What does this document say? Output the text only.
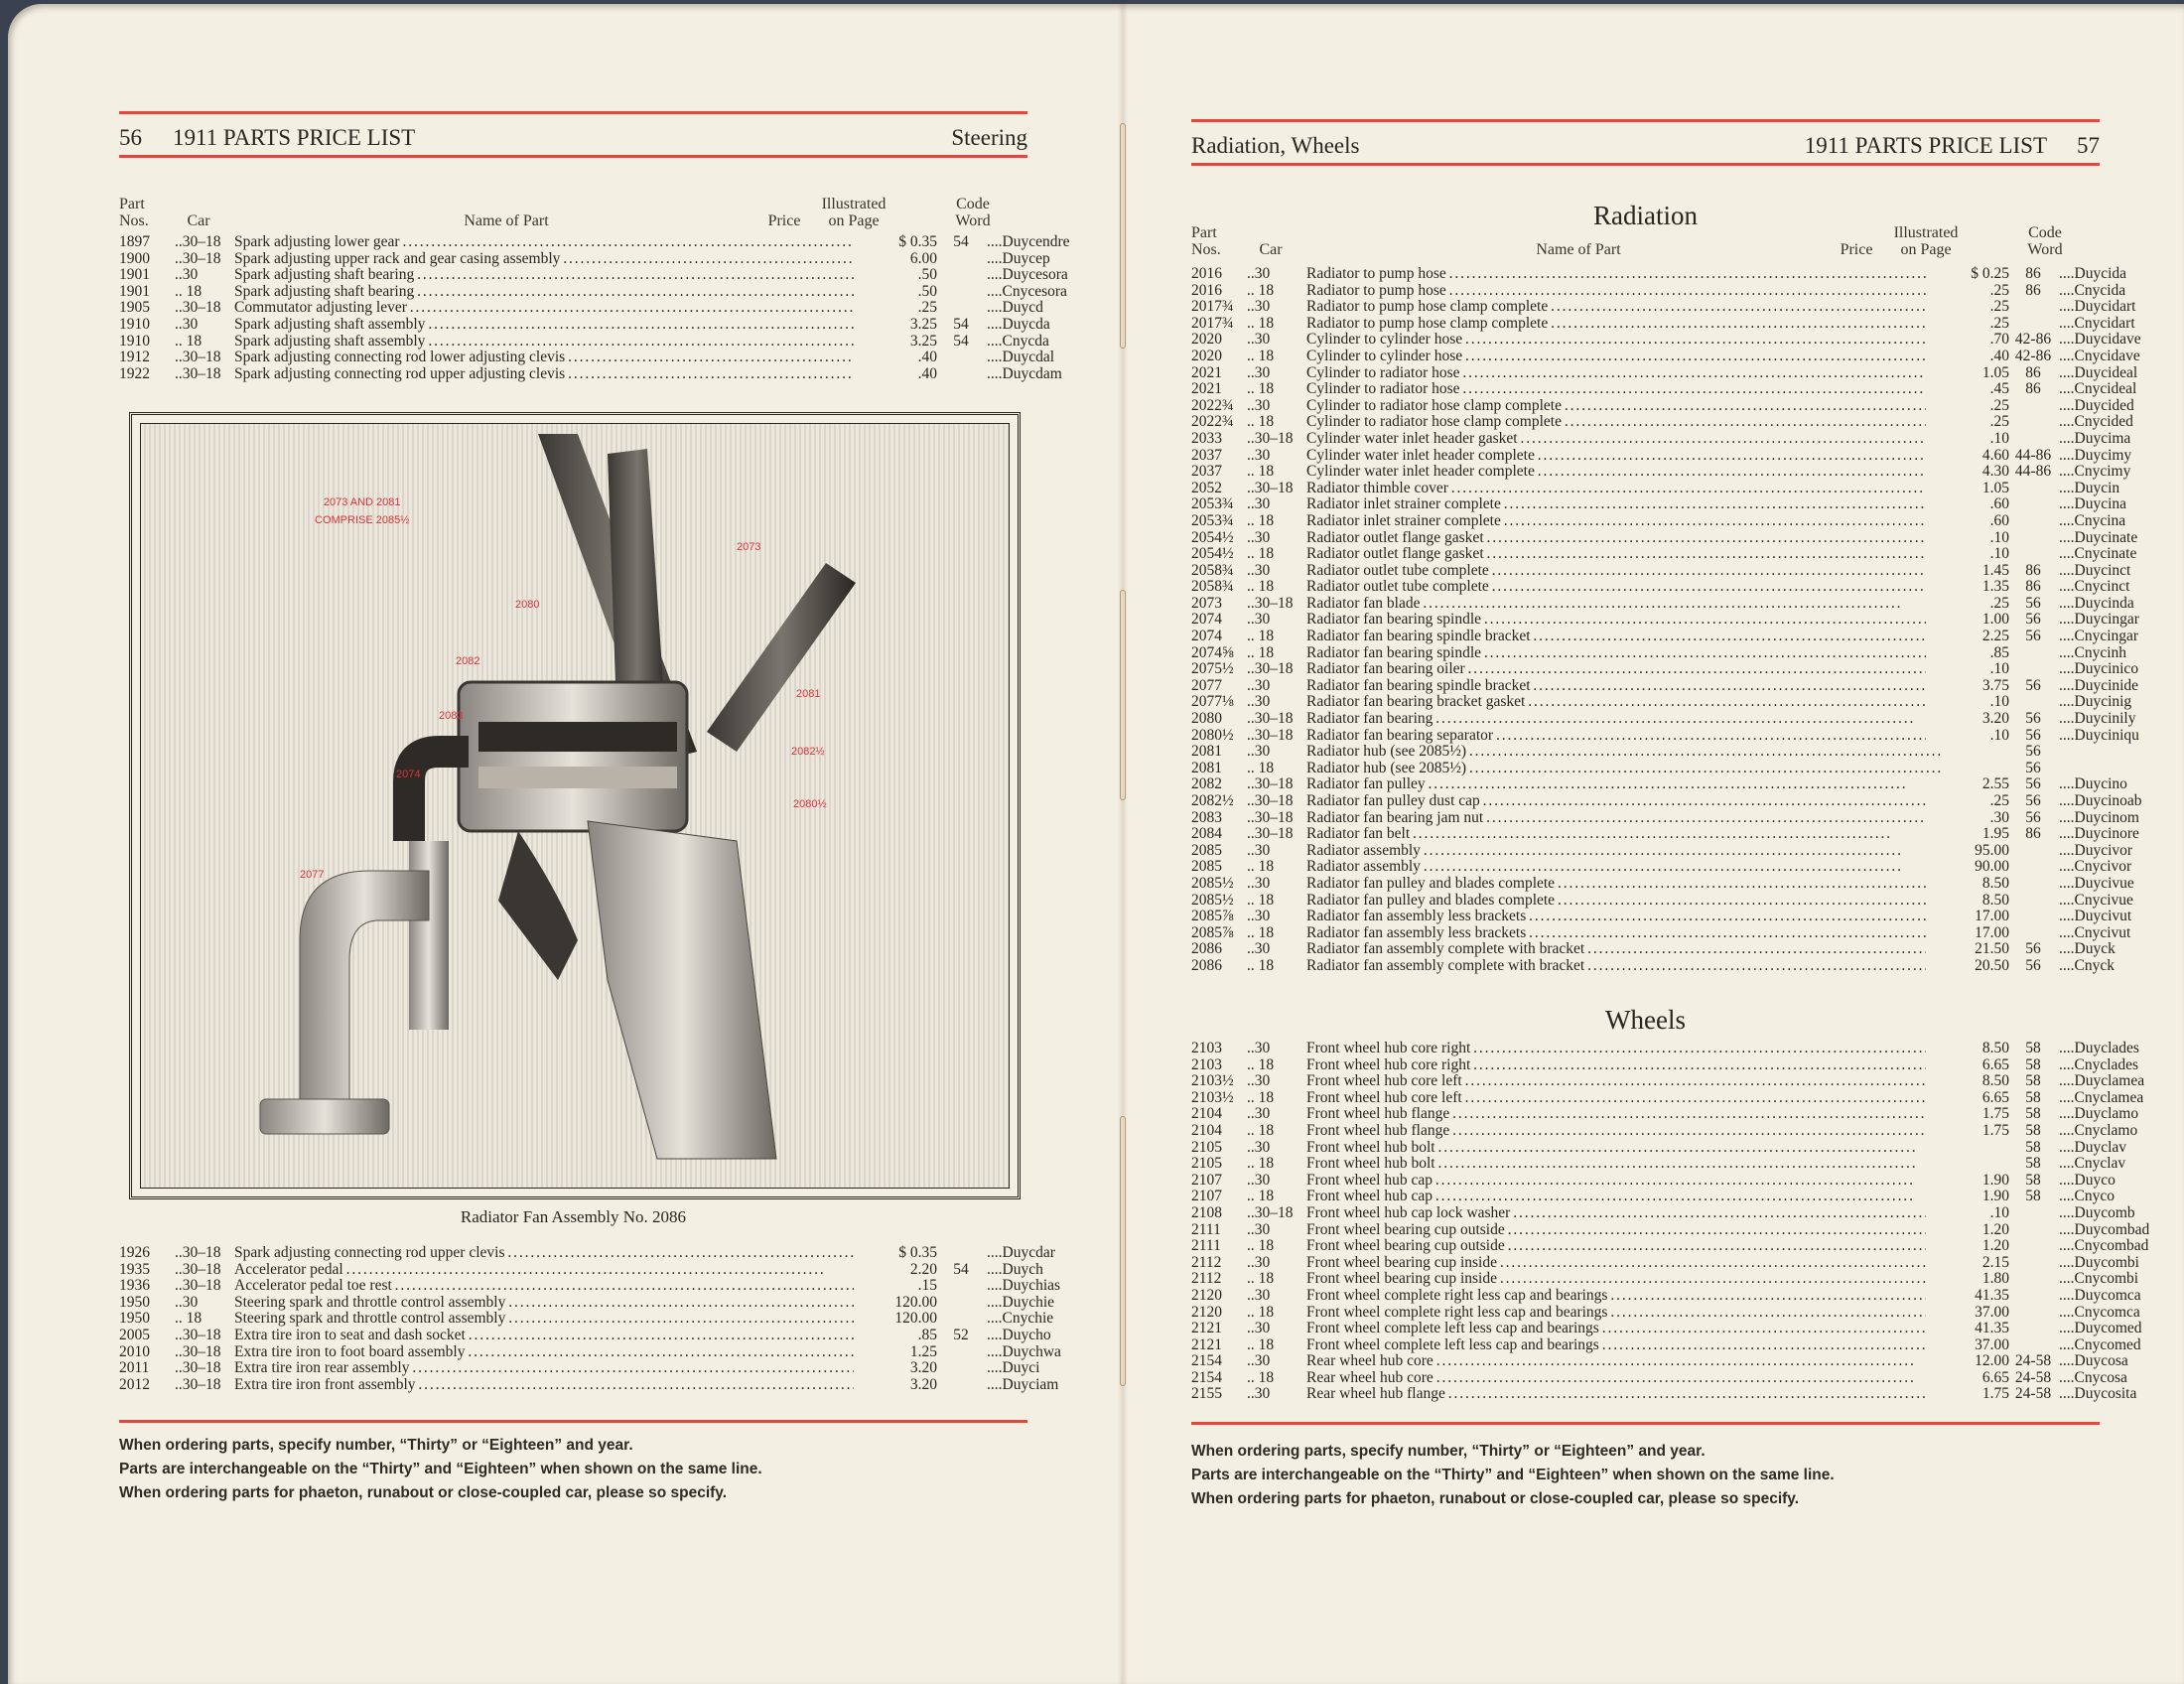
56	1911 PARTS PRICE LIST	Steering
Part Nos.	Car	Name of Part	Price
Illustrated on Page
Code Word
1897	..30–18 Spark adjusting lower gear . . .	$ 0.35	54	....Duycendre
1900	..30–18 Spark adjusting upper rack and gear casing assembly . . .	6.00	....Duycep
1901	..30	Spark adjusting shaft bearing . . .	.50	....Duycesora
1901	.. 18	Spark adjusting shaft bearing . . .	.50	....Cnycesora
1905	..30–18 Commutator adjusting lever . . .	.25	....Duycd
1910	..30	Spark adjusting shaft assembly . . .	3.25	54	....Duycda
1910	.. 18	Spark adjusting shaft assembly . . .	3.25	54	....Cnycda
1912	..30–18 Spark adjusting connecting rod lower adjusting clevis . . .	.40	....Duycdal
1922	..30–18 Spark adjusting connecting rod upper adjusting clevis . . .	.40	....Duycdam
2073 AND 2081
COMPRISE 2085½
2073
2080
2082
2081
2083
2082½
2074
2080½
2077
Radiator Fan Assembly No. 2086
1926	..30–18 Spark adjusting connecting rod upper clevis . . .	$ 0.35	....Duycdar
1935	..30–18 Accelerator pedal . . .	2.20	54	....Duych
1936	..30–18 Accelerator pedal toe rest . . .	.15	....Duychias
1950	..30	Steering spark and throttle control assembly . . .	120.00	....Duychie
1950	.. 18	Steering spark and throttle control assembly . . .	120.00	....Cnychie
2005	..30–18 Extra tire iron to seat and dash socket . . .	.85	52	....Duycho
2010	..30–18 Extra tire iron to foot board assembly . . .	1.25	....Duychwa
2011	..30–18 Extra tire iron rear assembly . . .	3.20	....Duyci
2012	..30–18 Extra tire iron front assembly . . .	3.20	....Duyciam
When ordering parts, specify number, “Thirty” or “Eighteen” and year.
Parts are interchangeable on the “Thirty” and “Eighteen” when shown on the same line.
When ordering parts for phaeton, runabout or close-coupled car, please so specify.
Radiation, Wheels	1911 PARTS PRICE LIST 57
Radiation
Part Nos.	Car	Name of Part	Price
Illustrated on Page
Code Word
2016	..30	Radiator to pump hose . . .	$ 0.25	86	....Duycida
2016	.. 18	Radiator to pump hose . . .	.25	86	....Cnycida
2017¾ ..30	Radiator to pump hose clamp complete . . .	.25	....Duycidart
2017¾ .. 18	Radiator to pump hose clamp complete . . .	.25	....Cnycidart
2020	..30	Cylinder to cylinder hose . . .	.70 42-86 ....Duycidave
2020	.. 18	Cylinder to cylinder hose . . .	.40 42-86 ....Cnycidave
2021	..30	Cylinder to radiator hose . . .	1.05	86	....Duycideal
2021	.. 18	Cylinder to radiator hose . . .	.45	86	....Cnycideal
2022¾ ..30	Cylinder to radiator hose clamp complete . . .	.25	....Duycided
2022¾ .. 18	Cylinder to radiator hose clamp complete . . .	.25	....Cnycided
2033	..30–18 Cylinder water inlet header gasket . . .	.10	....Duycima
2037	..30	Cylinder water inlet header complete . . .	4.60 44-86 ....Duycimy
2037	.. 18	Cylinder water inlet header complete . . .	4.30 44-86 ....Cnycimy
2052	..30–18 Radiator thimble cover . . .	1.05	....Duycin
2053¾ ..30	Radiator inlet strainer complete . . .	.60	....Duycina
2053¾ .. 18	Radiator inlet strainer complete . . .	.60	....Cnycina
2054½ ..30	Radiator outlet flange gasket . . .	.10	....Duycinate
2054½ .. 18	Radiator outlet flange gasket . . .	.10	....Cnycinate
2058¾ ..30	Radiator outlet tube complete . . .	1.45	86	....Duycinct
2058¾ .. 18	Radiator outlet tube complete . . .	1.35	86	....Cnycinct
2073	..30–18 Radiator fan blade . . .	.25	56	....Duycinda
2074	..30	Radiator fan bearing spindle . . .	1.00	56	....Duycingar
2074	.. 18	Radiator fan bearing spindle bracket . . .	2.25	56	....Cnycingar
2074⅝ .. 18	Radiator fan bearing spindle . . .	.85	....Cnycinh
2075½ ..30–18 Radiator fan bearing oiler . . .	.10	....Duycinico
2077	..30	Radiator fan bearing spindle bracket . . .	3.75	56	....Duycinide
2077⅛ ..30	Radiator fan bearing bracket gasket . . .	.10	....Duycinig
2080	..30–18 Radiator fan bearing . . .	3.20	56	....Duycinily
2080½ ..30–18 Radiator fan bearing separator . . .	.10	56	....Duyciniqu
2081	..30	Radiator hub (see 2085½) . . .	56
2081	.. 18	Radiator hub (see 2085½) . . .	56
2082	..30–18 Radiator fan pulley . . .	2.55	56	....Duycino
2082½ ..30–18 Radiator fan pulley dust cap . . .	.25	56	....Duycinoab
2083	..30–18 Radiator fan bearing jam nut . . .	.30	56	....Duycinom
2084	..30–18 Radiator fan belt . . .	1.95	86	....Duycinore
2085	..30	Radiator assembly . . .	95.00	....Duycivor
2085	.. 18	Radiator assembly . . .	90.00	....Cnycivor
2085½ ..30	Radiator fan pulley and blades complete . . .	8.50	....Duycivue
2085½ .. 18	Radiator fan pulley and blades complete . . .	8.50	....Cnycivue
2085⅞ ..30	Radiator fan assembly less brackets . . .	17.00	....Duycivut
2085⅞ .. 18	Radiator fan assembly less brackets . . .	17.00	....Cnycivut
2086	..30	Radiator fan assembly complete with bracket . . .	21.50	56	....Duyck
2086	.. 18	Radiator fan assembly complete with bracket . . .	20.50	56	....Cnyck
Wheels
2103	..30	Front wheel hub core right . . .	8.50	58	....Duyclades
2103	.. 18	Front wheel hub core right . . .	6.65	58	....Cnyclades
2103½ ..30	Front wheel hub core left . . .	8.50	58	....Duyclamea
2103½ .. 18	Front wheel hub core left . . .	6.65	58	....Cnyclamea
2104	..30	Front wheel hub flange . . .	1.75	58	....Duyclamo
2104	.. 18	Front wheel hub flange . . .	1.75	58	....Cnyclamo
2105	..30	Front wheel hub bolt . . .	58	....Duyclav
2105	.. 18	Front wheel hub bolt . . .	58	....Cnyclav
2107	..30	Front wheel hub cap . . .	1.90	58	....Duyco
2107	.. 18	Front wheel hub cap . . .	1.90	58	....Cnyco
2108	..30–18 Front wheel hub cap lock washer . . .	.10	....Duycomb
2111	..30	Front wheel bearing cup outside . . .	1.20	....Duycombad
2111	.. 18	Front wheel bearing cup outside . . .	1.20	....Cnycombad
2112	..30	Front wheel bearing cup inside . . .	2.15	....Duycombi
2112	.. 18	Front wheel bearing cup inside . . .	1.80	....Cnycombi
2120	..30	Front wheel complete right less cap and bearings . . .	41.35	....Duycomca
2120	.. 18	Front wheel complete right less cap and bearings . . .	37.00	....Cnycomca
2121	..30	Front wheel complete left less cap and bearings . . .	41.35	....Duycomed
2121	.. 18	Front wheel complete left less cap and bearings . . .	37.00	....Cnycomed
2154	..30	Rear wheel hub core . . .	12.00 24-58 ....Duycosa
2154	.. 18	Rear wheel hub core . . .	6.65 24-58 ....Cnycosa
2155	..30	Rear wheel hub flange . . .	1.75 24-58 ....Duycosita
When ordering parts, specify number, “Thirty” or “Eighteen” and year.
Parts are interchangeable on the “Thirty” and “Eighteen” when shown on the same line.
When ordering parts for phaeton, runabout or close-coupled car, please so specify.
